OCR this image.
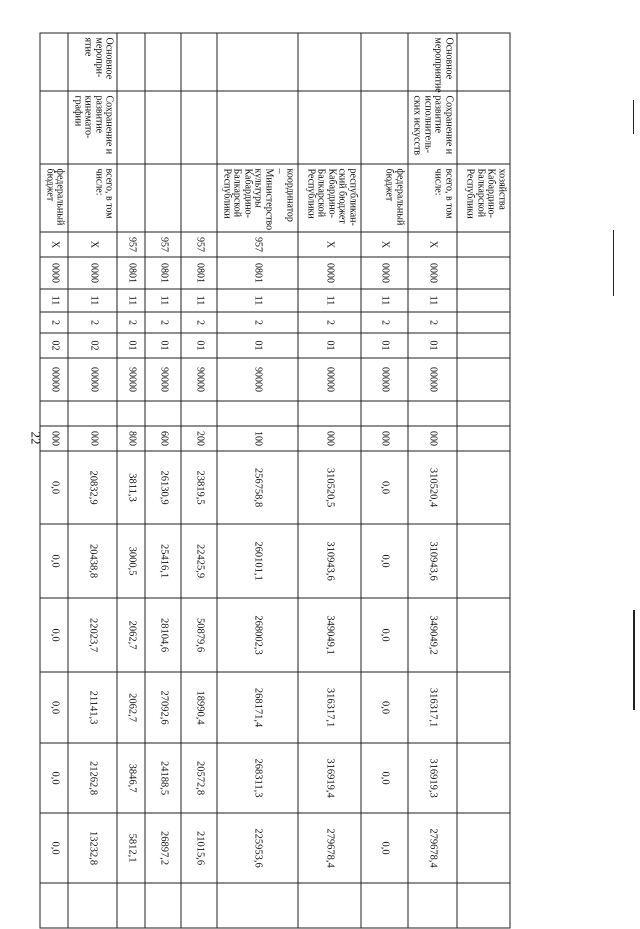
22
		хозяйства Кабардино-Балкарской Республики															
Основное мероприятие	Сохранение и развитие исполнитель-ских искусств	всего, в том числе:	X	0000	11	2	01	00000		000	310520,4	310943,6	349049,2	316317,1	316919,3	279678,4	
		федеральный бюджет	X	0000	11	2	01	00000		000	0,0	0,0	0,0	0,0	0,0	0,0	
		республикан-ский бюджет Кабардино-Балкарской Республики	X	0000	11	2	01	00000		000	310520,5	310943,6	349049,1	316317,1	316919,4	279678,4	
		координатор – Министерство культуры Кабардино-Балкарской Республики	957	0801	11	2	01	90000		100	256758,8	260101,1	268002,3	268171,4	268311,3	225953,6	
			957	0801	11	2	01	90000		200	23819,5	22425,9	50879,6	18990,4	20572,8	21015,6	
			957	0801	11	2	01	90000		600	26130,9	25416,1	28104,6	27092,6	24188,5	26897,2	
			957	0801	11	2	01	90000		800	3811,3	3000,5	2062,7	2062,7	3846,7	5812,1	
Основное меропри-ятие	Сохранение и развитие кинемато-графии	всего, в том числе:	X	0000	11	2	02	00000		000	20832,9	20438,8	22023,7	21141,3	21262,8	13232,8	
		федеральный бюджет	X	0000	11	2	02	00000		000	0,0	0,0	0,0	0,0	0,0	0,0	
